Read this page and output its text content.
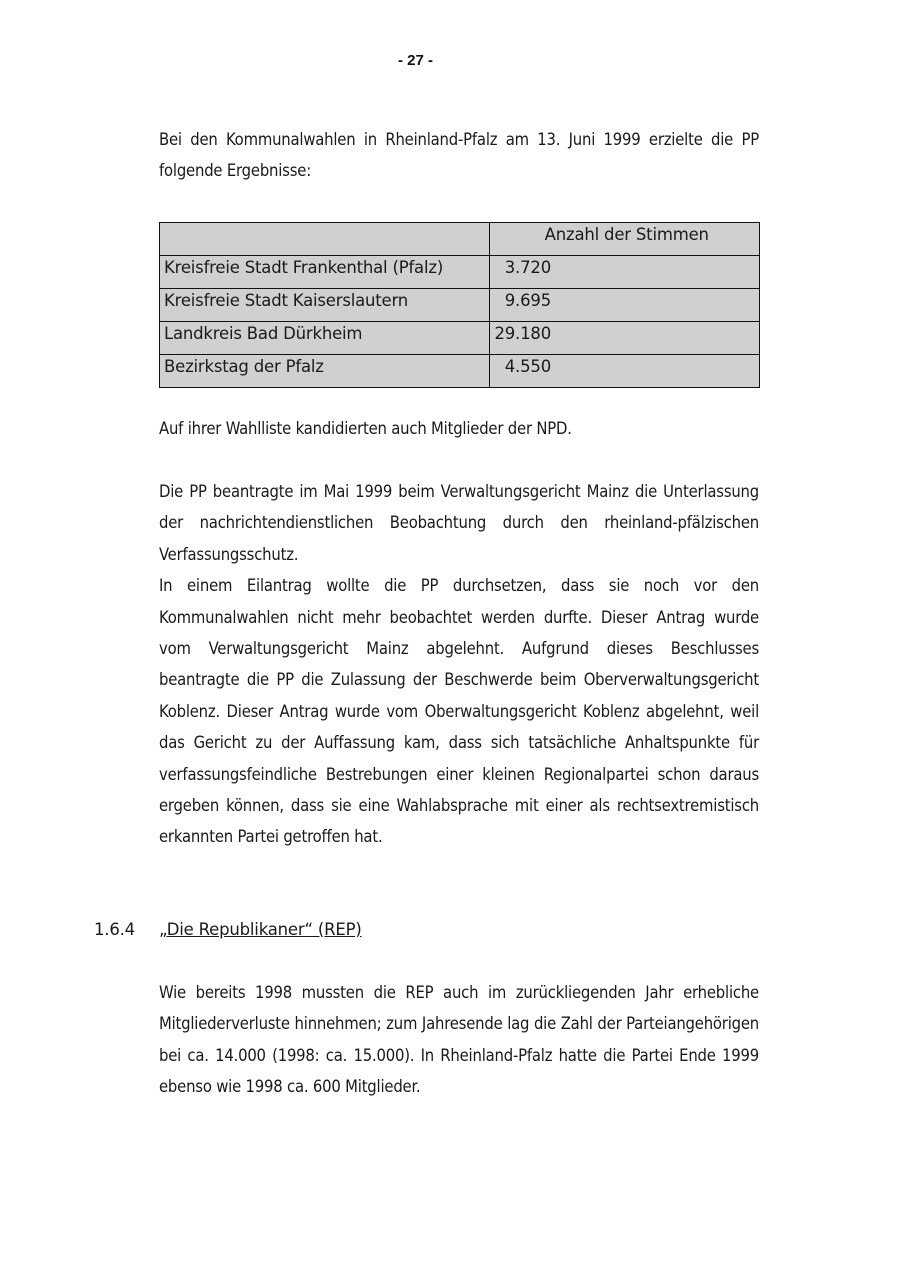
- 27 -

Bei den Kommunalwahlen in Rheinland-Pfalz am 13. Juni 1999 erzielte die PP folgende Ergebnisse:

	Anzahl der Stimmen
Kreisfreie Stadt Frankenthal (Pfalz)	3.720
Kreisfreie Stadt Kaiserslautern	9.695
Landkreis Bad Dürkheim	29.180
Bezirkstag der Pfalz	4.550

Auf ihrer Wahlliste kandidierten auch Mitglieder der NPD.

Die PP beantragte im Mai 1999 beim Verwaltungsgericht Mainz die Unterlassung der nachrichtendienstlichen Beobachtung durch den rheinland-pfälzischen Verfassungsschutz.

In einem Eilantrag wollte die PP durchsetzen, dass sie noch vor den Kommunalwahlen nicht mehr beobachtet werden durfte. Dieser Antrag wurde vom Verwaltungsgericht Mainz abgelehnt. Aufgrund dieses Beschlusses beantragte die PP die Zulassung der Beschwerde beim Oberverwaltungsgericht Koblenz. Dieser Antrag wurde vom Oberwaltungsgericht Koblenz abgelehnt, weil das Gericht zu der Auffassung kam, dass sich tatsächliche Anhaltspunkte für verfassungsfeindliche Bestrebungen einer kleinen Regionalpartei schon daraus ergeben können, dass sie eine Wahlabsprache mit einer als rechtsextremistisch erkannten Partei getroffen hat.

1.6.4 „Die Republikaner“ (REP)

Wie bereits 1998 mussten die REP auch im zurückliegenden Jahr erhebliche Mitgliederverluste hinnehmen; zum Jahresende lag die Zahl der Parteiangehörigen bei ca. 14.000 (1998: ca. 15.000). In Rheinland-Pfalz hatte die Partei Ende 1999 ebenso wie 1998 ca. 600 Mitglieder.
